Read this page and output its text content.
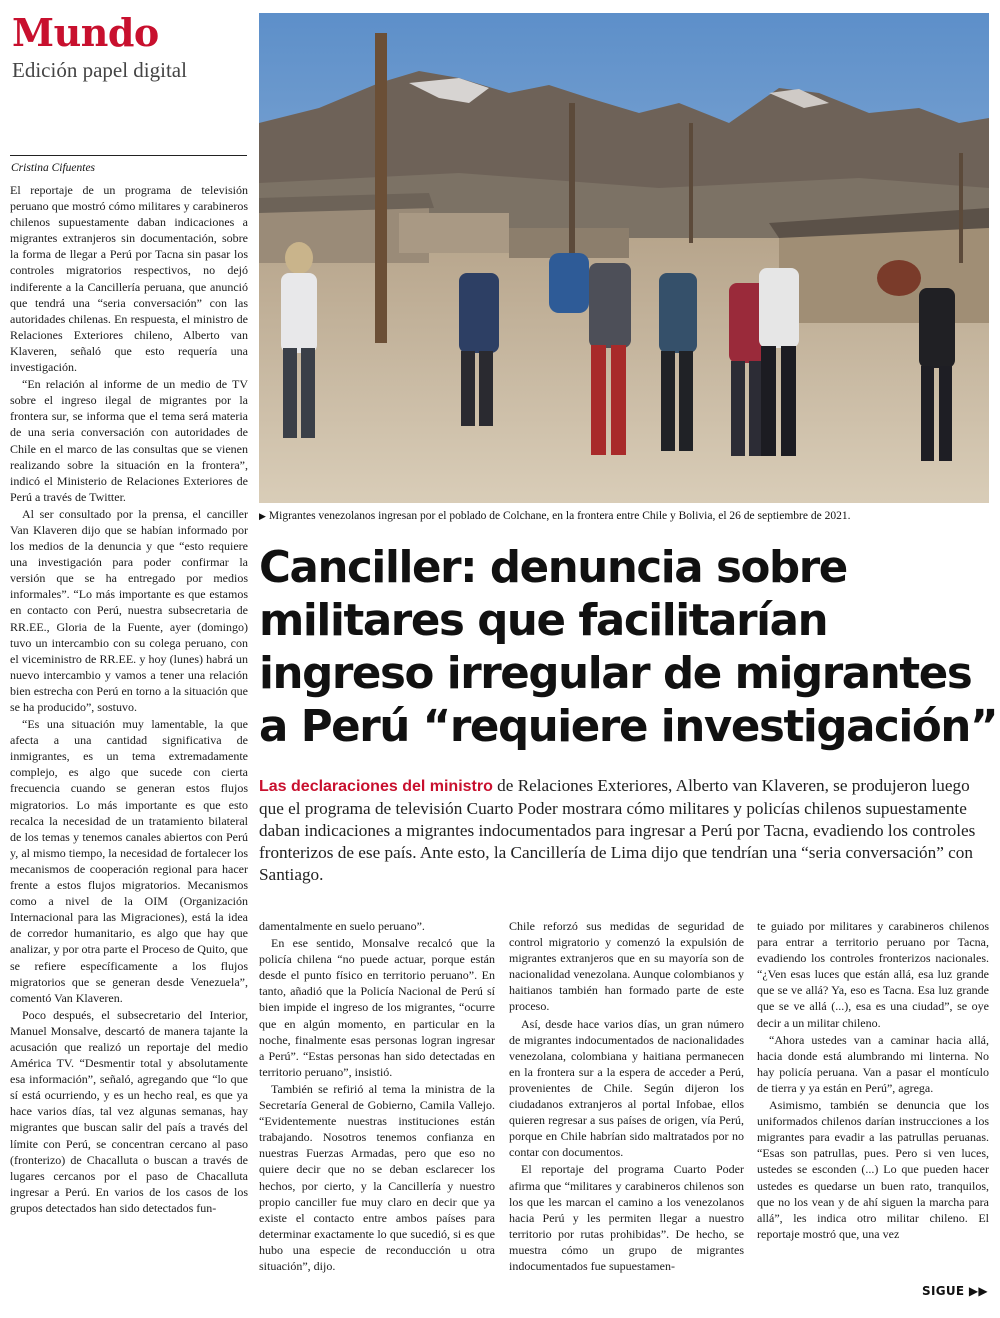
Mundo
Edición papel digital
Cristina Cifuentes

El reportaje de un programa de televisión peruano que mostró cómo militares y carabineros chilenos supuestamente daban indicaciones a migrantes extranjeros sin documentación, sobre la forma de llegar a Perú por Tacna sin pasar los controles migratorios respectivos, no dejó indiferente a la Cancillería peruana, que anunció que tendrá una “seria conversación” con las autoridades chilenas. En respuesta, el ministro de Relaciones Exteriores chileno, Alberto van Klaveren, señaló que esto requería una investigación.

“En relación al informe de un medio de TV sobre el ingreso ilegal de migrantes por la frontera sur, se informa que el tema será materia de una seria conversación con autoridades de Chile en el marco de las consultas que se vienen realizando sobre la situación en la frontera”, indicó el Ministerio de Relaciones Exteriores de Perú a través de Twitter.

Al ser consultado por la prensa, el canciller Van Klaveren dijo que se habían informado por los medios de la denuncia y que “esto requiere una investigación para poder confirmar la versión que se ha entregado por medios informales”. “Lo más importante es que estamos en contacto con Perú, nuestra subsecretaria de RR.EE., Gloria de la Fuente, ayer (domingo) tuvo un intercambio con su colega peruano, con el viceministro de RR.EE. y hoy (lunes) habrá un nuevo intercambio y vamos a tener una relación bien estrecha con Perú en torno a la situación que se ha producido”, sostuvo.

“Es una situación muy lamentable, la que afecta a una cantidad significativa de inmigrantes, es un tema extremadamente complejo, es algo que sucede con cierta frecuencia cuando se generan estos flujos migratorios. Lo más importante es que esto recalca la necesidad de un tratamiento bilateral de los temas y tenemos canales abiertos con Perú y, al mismo tiempo, la necesidad de fortalecer los mecanismos de cooperación regional para hacer frente a estos flujos migratorios. Mecanismos como a nivel de la OIM (Organización Internacional para las Migraciones), está la idea de corredor humanitario, es algo que hay que analizar, y por otra parte el Proceso de Quito, que se refiere específicamente a los flujos migratorios que se generan desde Venezuela”, comentó Van Klaveren.

Poco después, el subsecretario del Interior, Manuel Monsalve, descartó de manera tajante la acusación que realizó un reportaje del medio América TV. “Desmentir total y absolutamente esa información”, señaló, agregando que “lo que sí está ocurriendo, y es un hecho real, es que ya hace varios días, tal vez algunas semanas, hay migrantes que buscan salir del país a través del límite con Perú, se concentran cercano al paso (fronterizo) de Chacalluta o buscan a través de lugares cercanos por el paso de Chacalluta ingresar a Perú. En varios de los casos de los grupos detectados han sido detectados fun-

▶ Migrantes venezolanos ingresan por el poblado de Colchane, en la frontera entre Chile y Bolivia, el 26 de septiembre de 2021.
Canciller: denuncia sobre
militares que facilitarían
ingreso irregular de migrantes
a Perú “requiere investigación”

Las declaraciones del ministro de Relaciones Exteriores, Alberto van Klaveren, se produjeron luego que el programa de televisión Cuarto Poder mostrara cómo militares y policías chilenos supuestamente daban indicaciones a migrantes indocumentados para ingresar a Perú por Tacna, evadiendo los controles fronterizos de ese país. Ante esto, la Cancillería de Lima dijo que tendrían una “seria conversación” con Santiago.

damentalmente en suelo peruano”.

En ese sentido, Monsalve recalcó que la policía chilena “no puede actuar, porque están desde el punto físico en territorio peruano”. En tanto, añadió que la Policía Nacional de Perú sí bien impide el ingreso de los migrantes, “ocurre que en algún momento, en particular en la noche, finalmente esas personas logran ingresar a Perú”. “Estas personas han sido detectadas en territorio peruano”, insistió.

También se refirió al tema la ministra de la Secretaría General de Gobierno, Camila Vallejo. “Evidentemente nuestras instituciones están trabajando. Nosotros tenemos confianza en nuestras Fuerzas Armadas, pero que eso no quiere decir que no se deban esclarecer los hechos, por cierto, y la Cancillería y nuestro propio canciller fue muy claro en decir que ya existe el contacto entre ambos países para determinar exactamente lo que sucedió, si es que hubo una especie de reconducción u otra situación”, dijo.

Chile reforzó sus medidas de seguridad de control migratorio y comenzó la expulsión de migrantes extranjeros que en su mayoría son de nacionalidad venezolana. Aunque colombianos y haitianos también han formado parte de este proceso.

Así, desde hace varios días, un gran número de migrantes indocumentados de nacionalidades venezolana, colombiana y haitiana permanecen en la frontera sur a la espera de acceder a Perú, provenientes de Chile. Según dijeron los ciudadanos extranjeros al portal Infobae, ellos quieren regresar a sus países de origen, vía Perú, porque en Chile habrían sido maltratados por no contar con documentos.

El reportaje del programa Cuarto Poder afirma que “militares y carabineros chilenos son los que les marcan el camino a los venezolanos hacia Perú y les permiten llegar a nuestro territorio por rutas prohibidas”. De hecho, se muestra cómo un grupo de migrantes indocumentados fue supuestamen-

te guiado por militares y carabineros chilenos para entrar a territorio peruano por Tacna, evadiendo los controles fronterizos nacionales. “¿Ven esas luces que están allá, esa luz grande que se ve allá? Ya, eso es Tacna. Esa luz grande que se ve allá (...), esa es una ciudad”, se oye decir a un militar chileno.

“Ahora ustedes van a caminar hacia allá, hacia donde está alumbrando mi linterna. No hay policía peruana. Van a pasar el montículo de tierra y ya están en Perú”, agrega.

Asimismo, también se denuncia que los uniformados chilenos darían instrucciones a los migrantes para evadir a las patrullas peruanas. “Esas son patrullas, pues. Pero si ven luces, ustedes se esconden (...) Lo que pueden hacer ustedes es quedarse un buen rato, tranquilos, que no los vean y de ahí siguen la marcha para allá”, les indica otro militar chileno. El reportaje mostró que, una vez

SIGUE ▶▶
